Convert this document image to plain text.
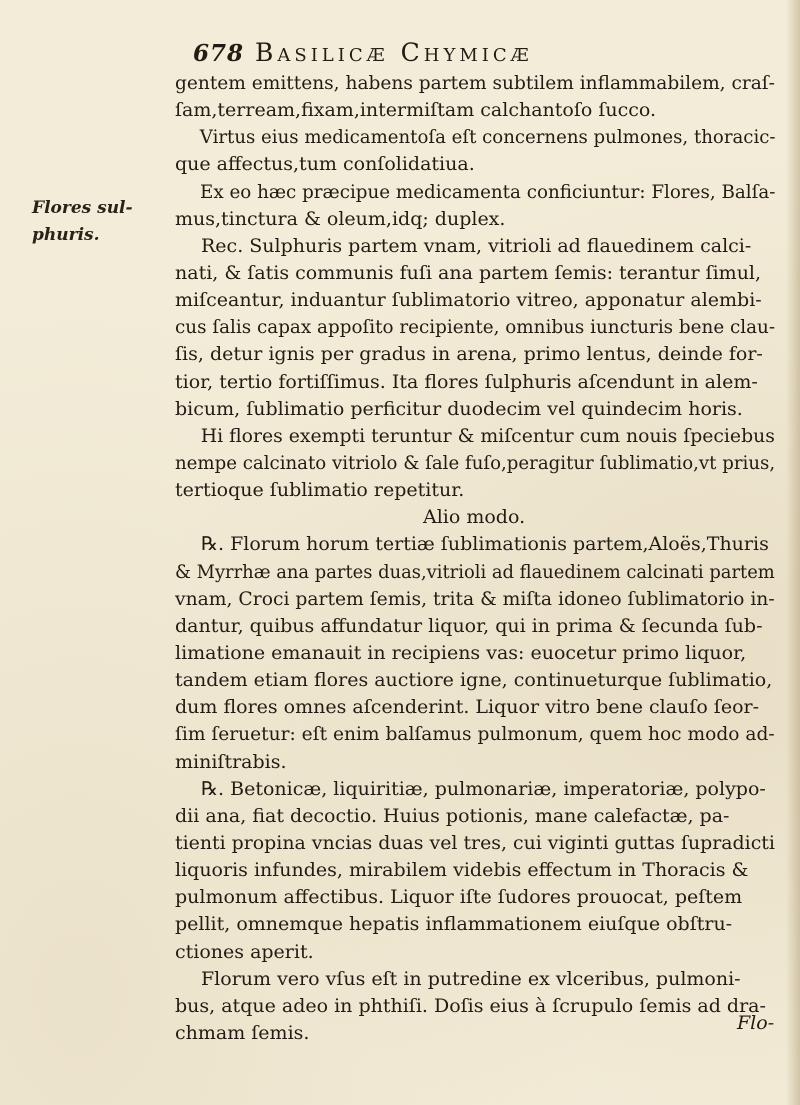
678 Basilicæ Chymicæ
Flores sul-
phuris.
gentem emittens, habens partem subtilem inflammabilem, craſ-
ſam,terream,fixam,intermiſtam calchantoſo ſucco.
Virtus eius medicamentoſa eſt concernens pulmones, thoracic-
que affectus,tum conſolidatiua.
Ex eo hæc præcipue medicamenta conficiuntur: Flores, Balſa-
mus,tinctura & oleum,idq; duplex.
Rec. Sulphuris partem vnam, vitrioli ad flauedinem calci-
nati, & ſatis communis fuſi ana partem ſemis: terantur ſimul,
miſceantur, induantur ſublimatorio vitreo, apponatur alembi-
cus ſalis capax appoſito recipiente, omnibus iuncturis bene clau-
ſis, detur ignis per gradus in arena, primo lentus, deinde for-
tior, tertio fortiſſimus. Ita flores ſulphuris aſcendunt in alem-
bicum, ſublimatio perficitur duodecim vel quindecim horis.
Hi flores exempti teruntur & miſcentur cum nouis ſpeciebus
nempe calcinato vitriolo & ſale fuſo,peragitur ſublimatio,vt prius,
tertioque ſublimatio repetitur.
Alio modo.
℞. Florum horum tertiæ ſublimationis partem,Aloës,Thuris
& Myrrhæ ana partes duas,vitrioli ad flauedinem calcinati partem
vnam, Croci partem ſemis, trita & miſta idoneo ſublimatorio in-
dantur, quibus affundatur liquor, qui in prima & ſecunda ſub-
limatione emanauit in recipiens vas: euocetur primo liquor,
tandem etiam flores auctiore igne, continueturque ſublimatio,
dum flores omnes aſcenderint. Liquor vitro bene clauſo ſeor-
ſim ſeruetur: eſt enim balſamus pulmonum, quem hoc modo ad-
miniſtrabis.
℞. Betonicæ, liquiritiæ, pulmonariæ, imperatoriæ, polypo-
dii ana, fiat decoctio. Huius potionis, mane calefactæ, pa-
tienti propina vncias duas vel tres, cui viginti guttas ſupradicti
liquoris infundes, mirabilem videbis effectum in Thoracis &
pulmonum affectibus. Liquor iſte ſudores prouocat, peſtem
pellit, omnemque hepatis inflammationem eiuſque obſtru-
ctiones aperit.
Florum vero vſus eſt in putredine ex vlceribus, pulmoni-
bus, atque adeo in phthiſi. Doſis eius à ſcrupulo ſemis ad dra-
chmam ſemis.	Flo-
